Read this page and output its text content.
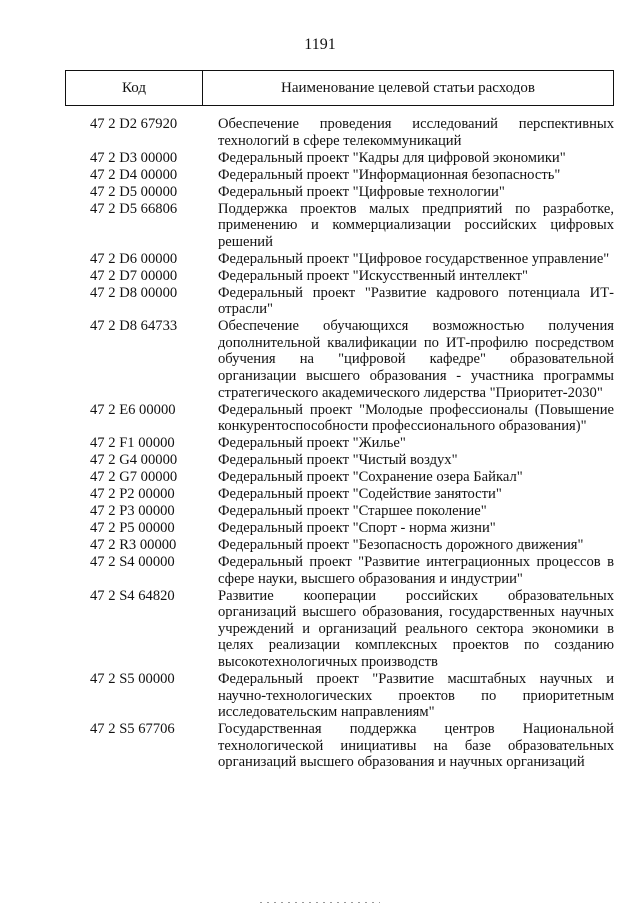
1191
Код	Наименование целевой статьи расходов
47 2 D2 67920	Обеспечение проведения исследований перспективных технологий в сфере телекоммуникаций
47 2 D3 00000	Федеральный проект "Кадры для цифровой экономики"
47 2 D4 00000	Федеральный проект "Информационная безопасность"
47 2 D5 00000	Федеральный проект "Цифровые технологии"
47 2 D5 66806	Поддержка проектов малых предприятий по разработке, применению и коммерциализации российских цифровых решений
47 2 D6 00000	Федеральный проект "Цифровое государственное управление"
47 2 D7 00000	Федеральный проект "Искусственный интеллект"
47 2 D8 00000	Федеральный проект "Развитие кадрового потенциала ИТ-отрасли"
47 2 D8 64733	Обеспечение обучающихся возможностью получения дополнительной квалификации по ИТ-профилю посредством обучения на "цифровой кафедре" образовательной организации высшего образования - участника программы стратегического академического лидерства "Приоритет-2030"
47 2 E6 00000	Федеральный проект "Молодые профессионалы (Повышение конкурентоспособности профессионального образования)"
47 2 F1 00000	Федеральный проект "Жилье"
47 2 G4 00000	Федеральный проект "Чистый воздух"
47 2 G7 00000	Федеральный проект "Сохранение озера Байкал"
47 2 P2 00000	Федеральный проект "Содействие занятости"
47 2 P3 00000	Федеральный проект "Старшее поколение"
47 2 P5 00000	Федеральный проект "Спорт - норма жизни"
47 2 R3 00000	Федеральный проект "Безопасность дорожного движения"
47 2 S4 00000	Федеральный проект "Развитие интеграционных процессов в сфере науки, высшего образования и индустрии"
47 2 S4 64820	Развитие кооперации российских образовательных организаций высшего образования, государственных научных учреждений и организаций реального сектора экономики в целях реализации комплексных проектов по созданию высокотехнологичных производств
47 2 S5 00000	Федеральный проект "Развитие масштабных научных и научно-технологических проектов по приоритетным исследовательским направлениям"
47 2 S5 67706	Государственная поддержка центров Национальной технологической инициативы на базе образовательных организаций высшего образования и научных организаций
